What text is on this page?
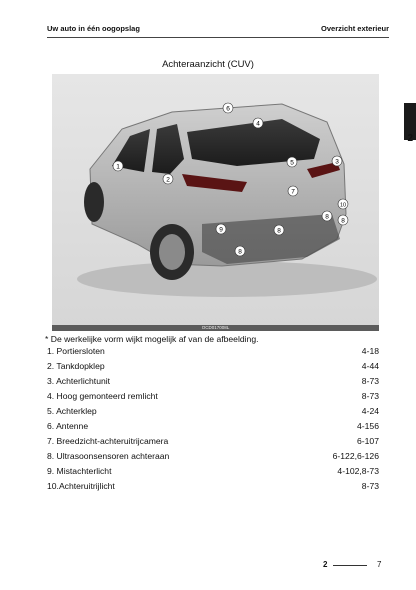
Uw auto in één oogopslag	Overzicht exterieur
2
Achteraanzicht (CUV)
1
2
3
4
5
6
7
8
8
8
8
9
10
OCD017008L
* De werkelijke vorm wijkt mogelijk af van de afbeelding.
1. Portiersloten	4-18
2. Tankdopklep	4-44
3. Achterlichtunit	8-73
4. Hoog gemonteerd remlicht	8-73
5. Achterklep	4-24
6. Antenne	4-156
7. Breedzicht-achteruitrijcamera	6-107
8. Ultrasoonsensoren achteraan	6-122,6-126
9. Mistachterlicht	4-102,8-73
10.Achteruitrijlicht	8-73
2	7
